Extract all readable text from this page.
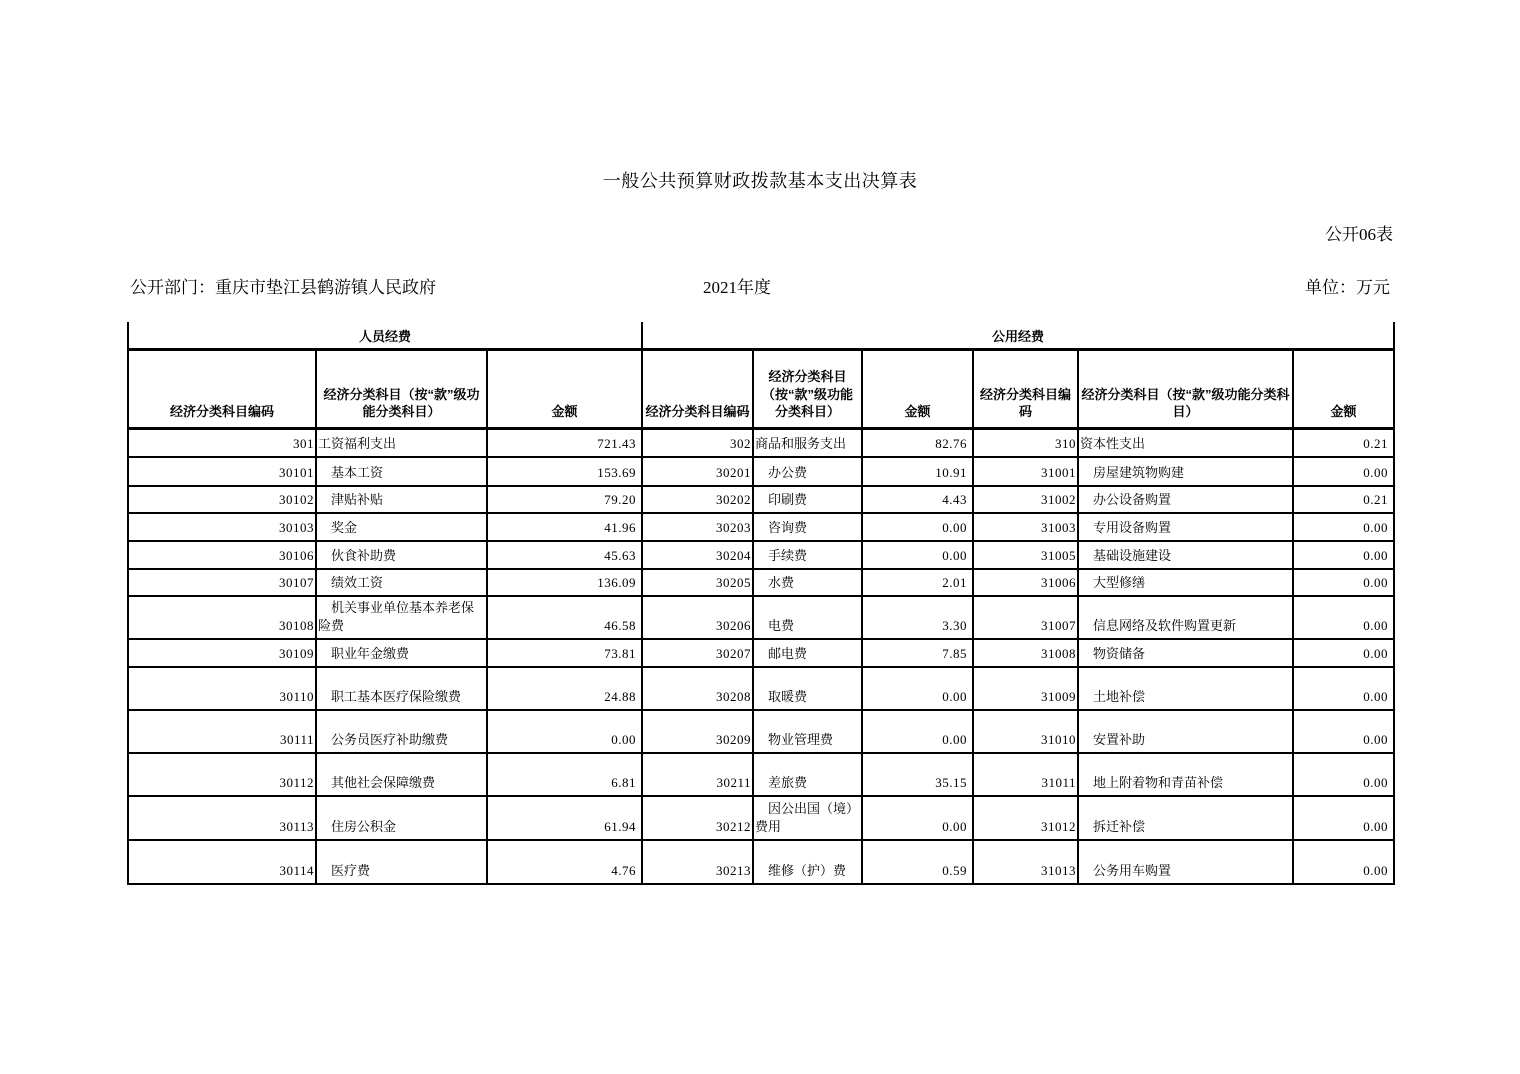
一般公共预算财政拨款基本支出决算表
公开06表
公开部门：重庆市垫江县鹤游镇人民政府	2021年度	单位：万元
人员经费			公用经费					
经济分类科目编码	经济分类科目（按“款”级功能分类科目）	金额	经济分类科目编码	经济分类科目（按“款”级功能分类科目）	金额	经济分类科目编码	经济分类科目（按“款”级功能分类科目）	金额
301	工资福利支出	721.43	302	商品和服务支出	82.76	310	资本性支出	0.21
30101	基本工资	153.69	30201	办公费	10.91	31001	房屋建筑物购建	0.00
30102	津贴补贴	79.20	30202	印刷费	4.43	31002	办公设备购置	0.21
30103	奖金	41.96	30203	咨询费	0.00	31003	专用设备购置	0.00
30106	伙食补助费	45.63	30204	手续费	0.00	31005	基础设施建设	0.00
30107	绩效工资	136.09	30205	水费	2.01	31006	大型修缮	0.00
30108	机关事业单位基本养老保险费	46.58	30206	电费	3.30	31007	信息网络及软件购置更新	0.00
30109	职业年金缴费	73.81	30207	邮电费	7.85	31008	物资储备	0.00
30110	职工基本医疗保险缴费	24.88	30208	取暖费	0.00	31009	土地补偿	0.00
30111	公务员医疗补助缴费	0.00	30209	物业管理费	0.00	31010	安置补助	0.00
30112	其他社会保障缴费	6.81	30211	差旅费	35.15	31011	地上附着物和青苗补偿	0.00
30113	住房公积金	61.94	30212	因公出国（境）费用	0.00	31012	拆迁补偿	0.00
30114	医疗费	4.76	30213	维修（护）费	0.59	31013	公务用车购置	0.00
